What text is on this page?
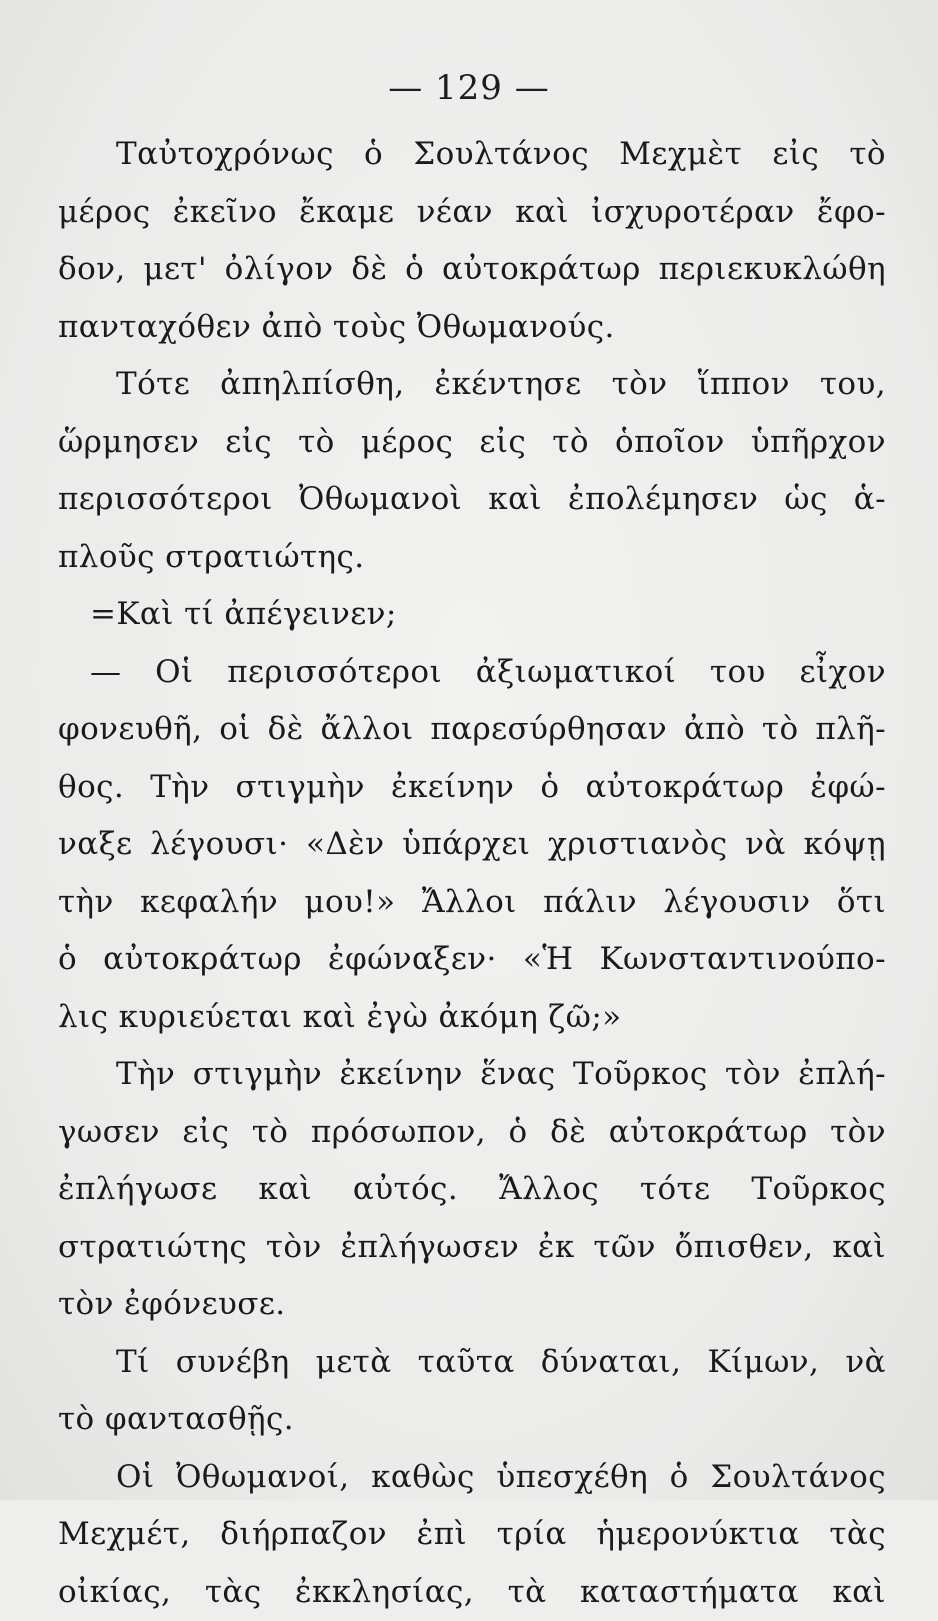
— 129 —
Ταὐτοχρόνως ὁ Σουλτάνος Μεχμὲτ εἰς τὸ
μέρος ἐκεῖνο ἔκαμε νέαν καὶ ἰσχυροτέραν ἔφο-
δον, μετ' ὀλίγον δὲ ὁ αὐτοκράτωρ περιεκυκλώθη
πανταχόθεν ἀπὸ τοὺς Ὀθωμανούς.
Τότε ἀπηλπίσθη, ἐκέντησε τὸν ἵππον του,
ὥρμησεν εἰς τὸ μέρος εἰς τὸ ὁποῖον ὑπῆρχον
περισσότεροι Ὀθωμανοὶ καὶ ἐπολέμησεν ὡς ἁ-
πλοῦς στρατιώτης.
=Καὶ τί ἀπέγεινεν;
— Οἱ περισσότεροι ἀξιωματικοί του εἶχον
φονευθῆ, οἱ δὲ ἄλλοι παρεσύρθησαν ἀπὸ τὸ πλῆ-
θος. Τὴν στιγμὴν ἐκείνην ὁ αὐτοκράτωρ ἐφώ-
ναξε λέγουσι· «Δὲν ὑπάρχει χριστιανὸς νὰ κόψῃ
τὴν κεφαλήν μου!» Ἄλλοι πάλιν λέγουσιν ὅτι
ὁ αὐτοκράτωρ ἐφώναξεν· «Ἡ Κωνσταντινούπο-
λις κυριεύεται καὶ ἐγὼ ἀκόμη ζῶ;»
Τὴν στιγμὴν ἐκείνην ἕνας Τοῦρκος τὸν ἐπλή-
γωσεν εἰς τὸ πρόσωπον, ὁ δὲ αὐτοκράτωρ τὸν
ἐπλήγωσε καὶ αὐτός. Ἄλλος τότε Τοῦρκος
στρατιώτης τὸν ἐπλήγωσεν ἐκ τῶν ὄπισθεν, καὶ
τὸν ἐφόνευσε.
Τί συνέβη μετὰ ταῦτα δύναται, Κίμων, νὰ
τὸ φαντασθῇς.
Οἱ Ὀθωμανοί, καθὼς ὑπεσχέθη ὁ Σουλτάνος
Μεχμέτ, διήρπαζον ἐπὶ τρία ἡμερονύκτια τὰς
οἰκίας, τὰς ἐκκλησίας, τὰ καταστήματα καὶ
